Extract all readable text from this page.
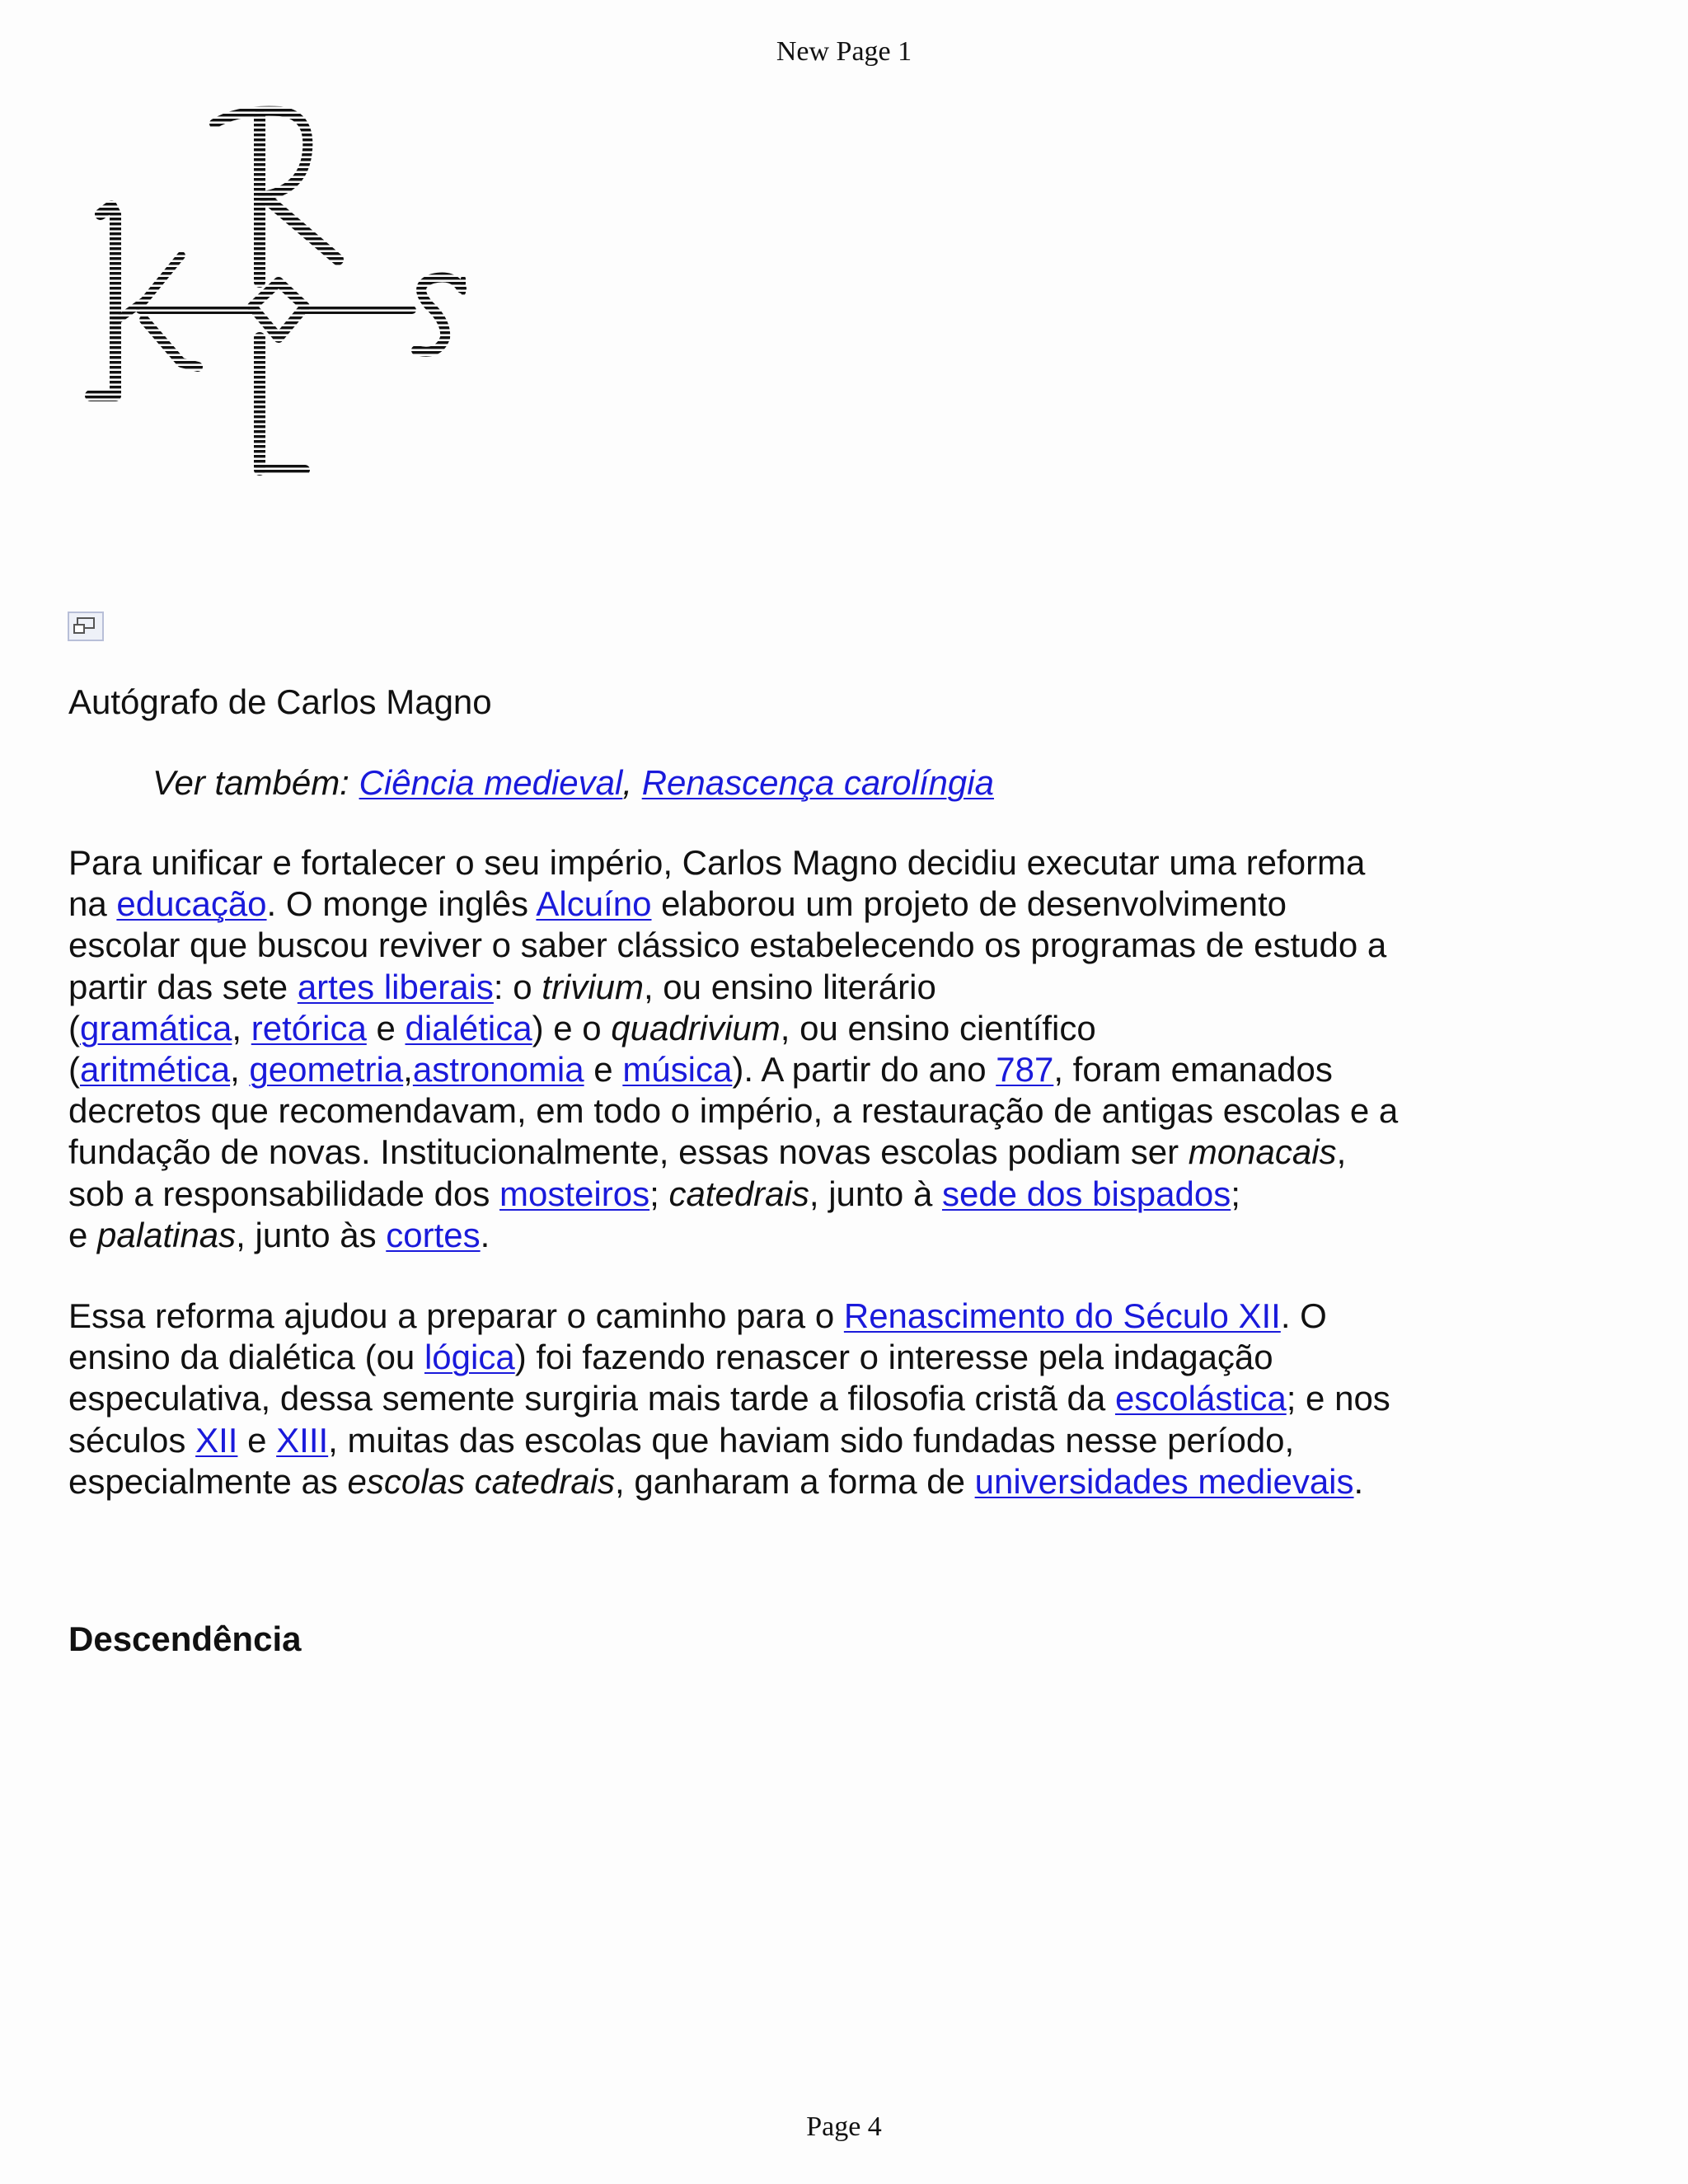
New Page 1
Autógrafo de Carlos Magno
Ver também: Ciência medieval, Renascença carolíngia
Para unificar e fortalecer o seu império, Carlos Magno decidiu executar uma reforma
na educação. O monge inglês Alcuíno elaborou um projeto de desenvolvimento
escolar que buscou reviver o saber clássico estabelecendo os programas de estudo a
partir das sete artes liberais: o trivium, ou ensino literário
(gramática, retórica e dialética) e o quadrivium, ou ensino científico
(aritmética, geometria,astronomia e música). A partir do ano 787, foram emanados
decretos que recomendavam, em todo o império, a restauração de antigas escolas e a
fundação de novas. Institucionalmente, essas novas escolas podiam ser monacais,
sob a responsabilidade dos mosteiros; catedrais, junto à sede dos bispados;
e palatinas, junto às cortes.
Essa reforma ajudou a preparar o caminho para o Renascimento do Século XII. O
ensino da dialética (ou lógica) foi fazendo renascer o interesse pela indagação
especulativa, dessa semente surgiria mais tarde a filosofia cristã da escolástica; e nos
séculos XII e XIII, muitas das escolas que haviam sido fundadas nesse período,
especialmente as escolas catedrais, ganharam a forma de universidades medievais.
Descendência
Page 4
